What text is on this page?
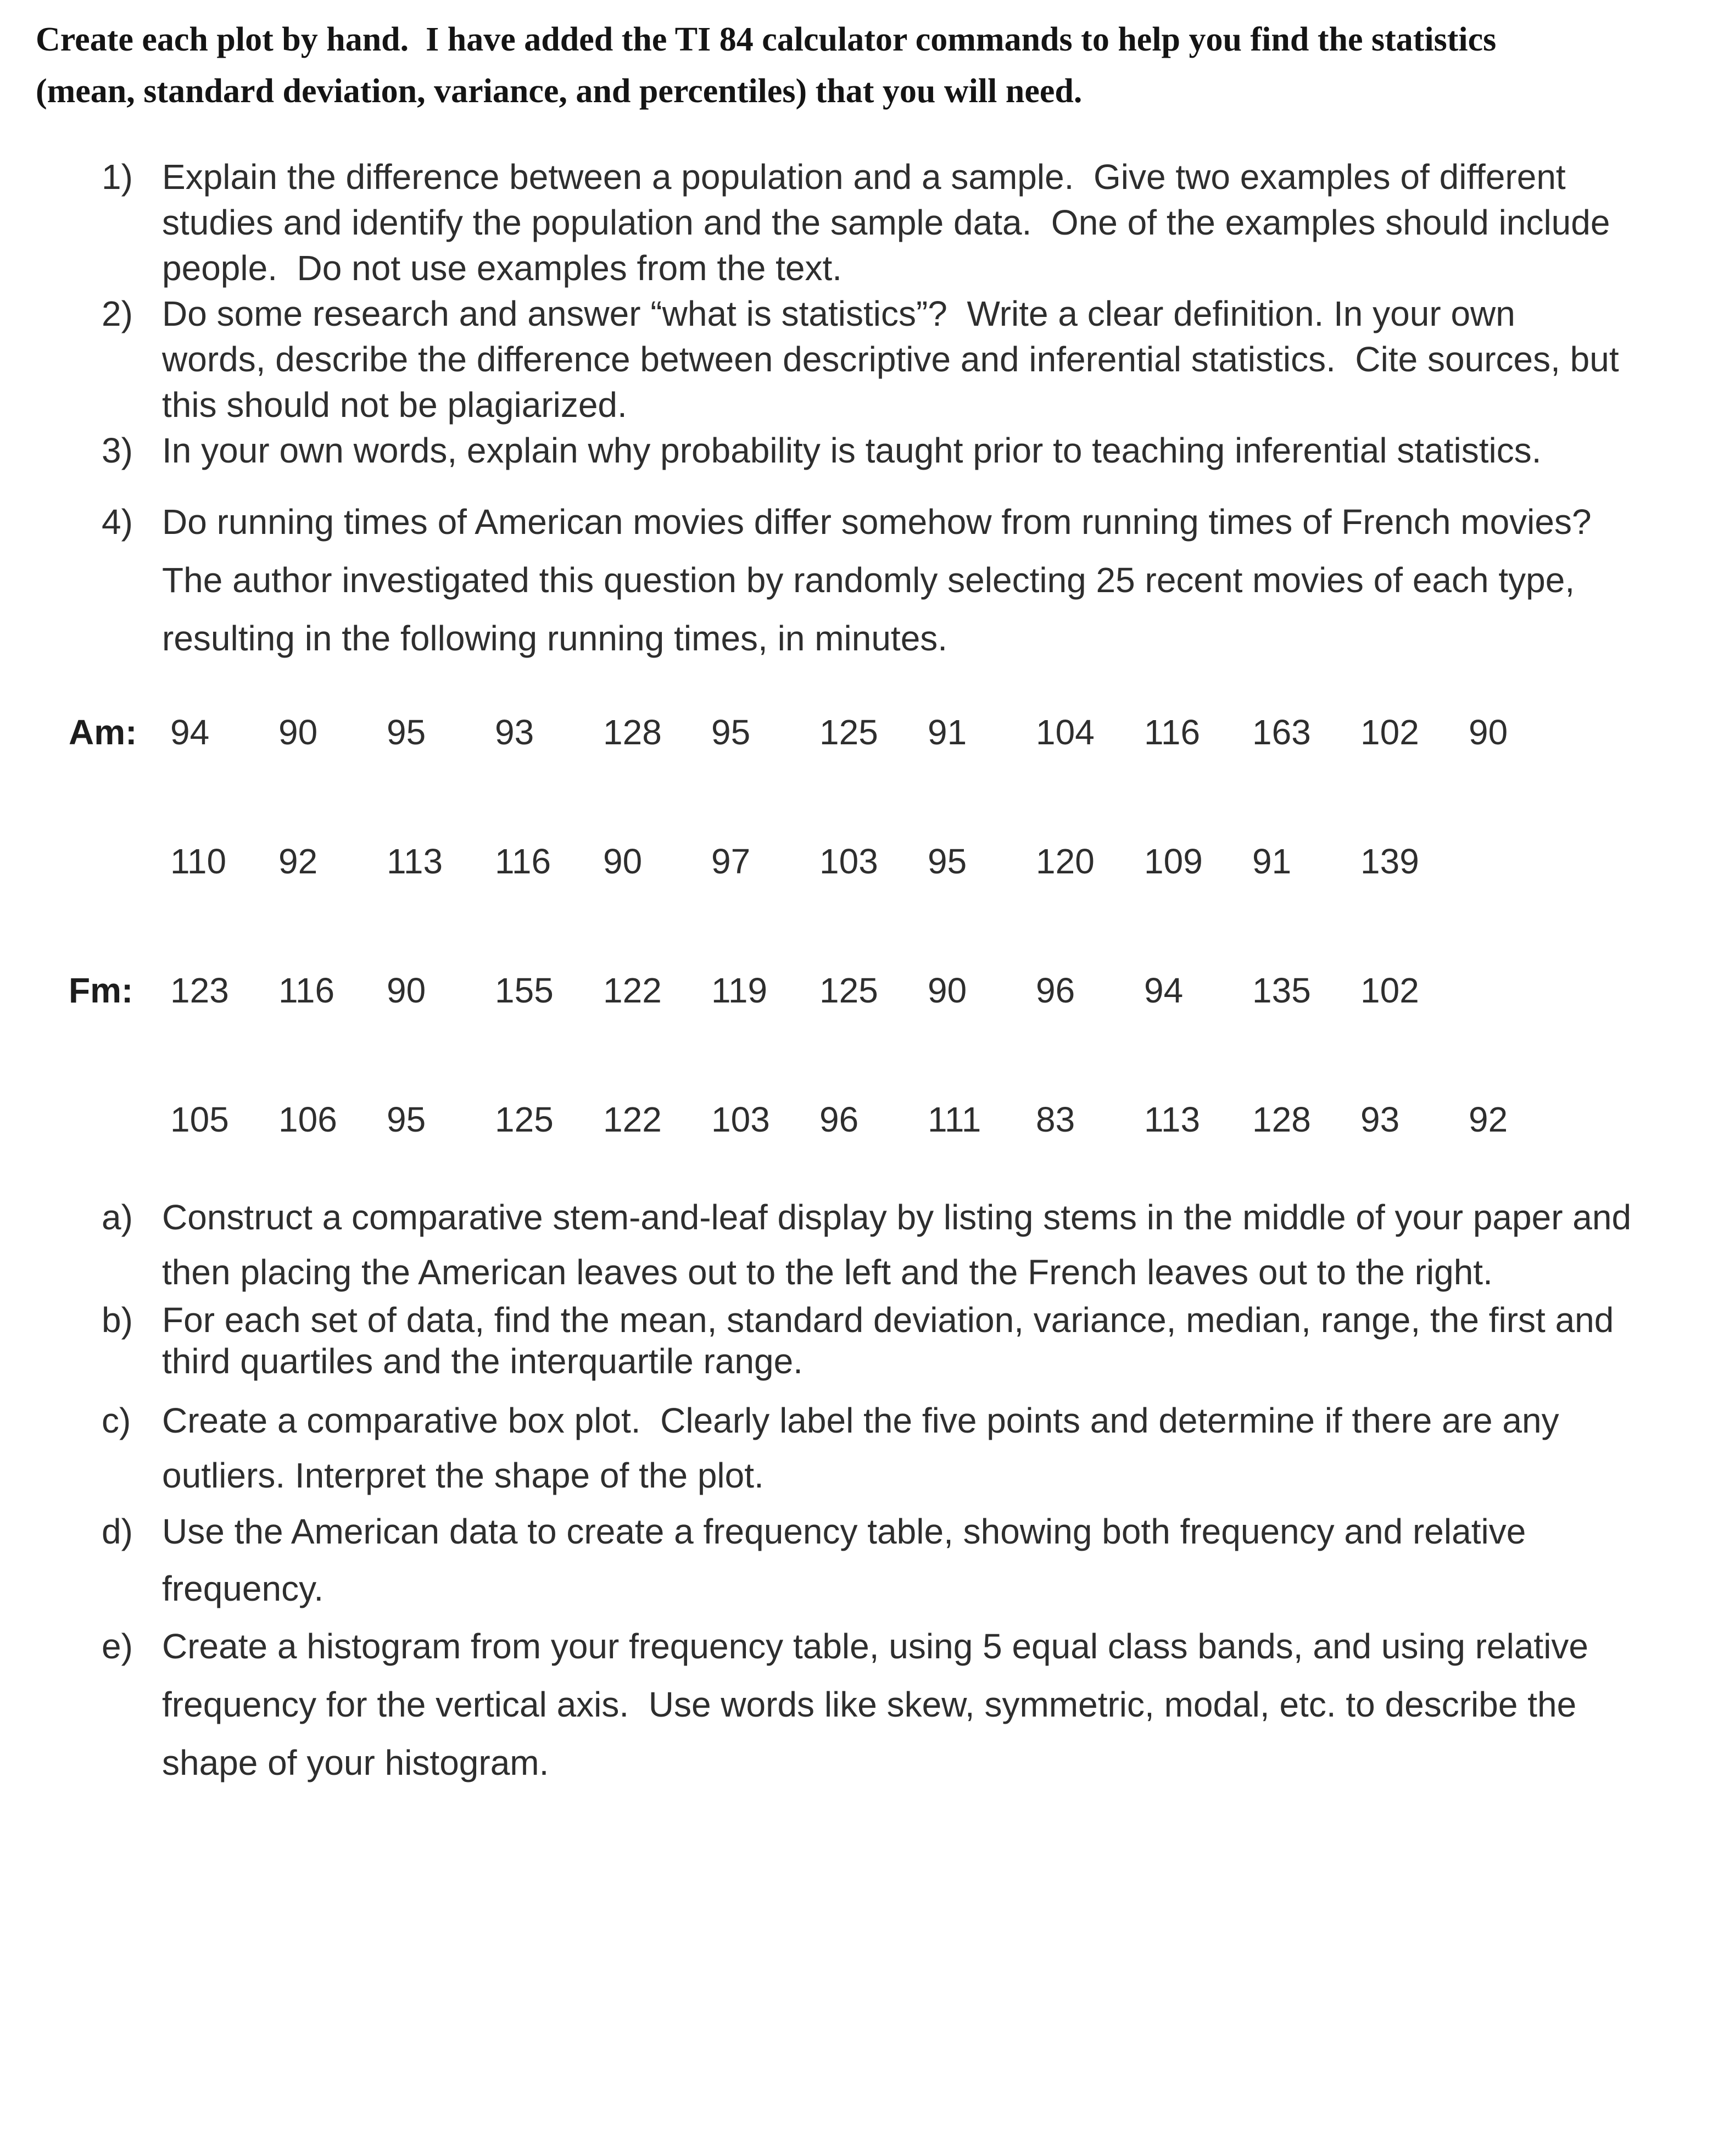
Create each plot by hand.  I have added the TI 84 calculator commands to help you find the statistics (mean, standard deviation, variance, and percentiles) that you will need.

1) Explain the difference between a population and a sample.  Give two examples of different studies and identify the population and the sample data.  One of the examples should include people.  Do not use examples from the text.
2) Do some research and answer “what is statistics”?  Write a clear definition. In your own words, describe the difference between descriptive and inferential statistics.  Cite sources, but this should not be plagiarized.
3) In your own words, explain why probability is taught prior to teaching inferential statistics.
4) Do running times of American movies differ somehow from running times of French movies? The author investigated this question by randomly selecting 25 recent movies of each type, resulting in the following running times, in minutes.
Am: 94	90	95	93	128	95	125	91	104	116	163	102	90
110	92	113	116	90	97	103	95	120	109	91	139
Fm:	123	116	90	155	122	119	125	90	96	94	135	102
105	106	95	125	122	103	96	111	83	113	128	93	92
a) Construct a comparative stem-and-leaf display by listing stems in the middle of your paper and then placing the American leaves out to the left and the French leaves out to the right.
b) For each set of data, find the mean, standard deviation, variance, median, range, the first and third quartiles and the interquartile range.
c) Create a comparative box plot.  Clearly label the five points and determine if there are any outliers. Interpret the shape of the plot.
d) Use the American data to create a frequency table, showing both frequency and relative frequency.
e) Create a histogram from your frequency table, using 5 equal class bands, and using relative frequency for the vertical axis.  Use words like skew, symmetric, modal, etc. to describe the shape of your histogram.
